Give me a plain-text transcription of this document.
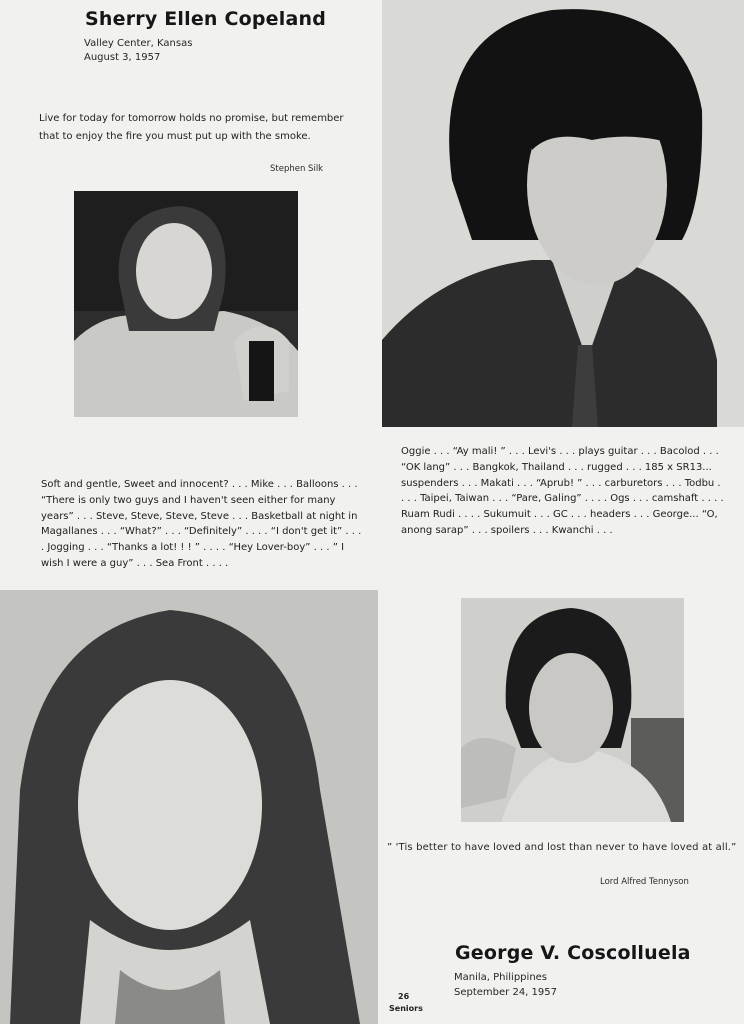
Sherry Ellen Copeland
Valley Center, Kansas
August 3, 1957
Live for today for tomorrow holds no promise, but remember that to enjoy the fire you must put up with the smoke.
Stephen Silk
Soft and gentle, Sweet and innocent? . . . Mike . . . Balloons . . . “There is only two guys and I haven't seen either for many years” . . . Steve, Steve, Steve, Steve . . . Basketball at night in Magallanes . . . “What?” . . . “Definitely” . . . . “I don't get it” . . . . Jogging . . . “Thanks a lot! ! ! ” . . . . “Hey Lover-boy” . . . ” I wish I were a guy” . . . Sea Front . . . .
Oggie . . . “Ay mali! ” . . . Levi's . . . plays guitar . . . Bacolod . . . “OK lang” . . . Bangkok, Thailand . . . rugged . . . 185 x SR13... suspenders . . . Makati . . . “Aprub! ” . . . carburetors . . . Todbu . . . . Taipei, Taiwan . . . “Pare, Galing” . . . . Ogs . . . camshaft . . . . Ruam Rudi . . . . Sukumuit . . . GC . . . headers . . . George... “O, anong sarap” . . . spoilers . . . Kwanchi . . .
” 'Tis better to have loved and lost than never to have loved at all.”
Lord Alfred Tennyson
George V. Coscolluela
Manila, Philippines
September 24, 1957
26
Seniors
